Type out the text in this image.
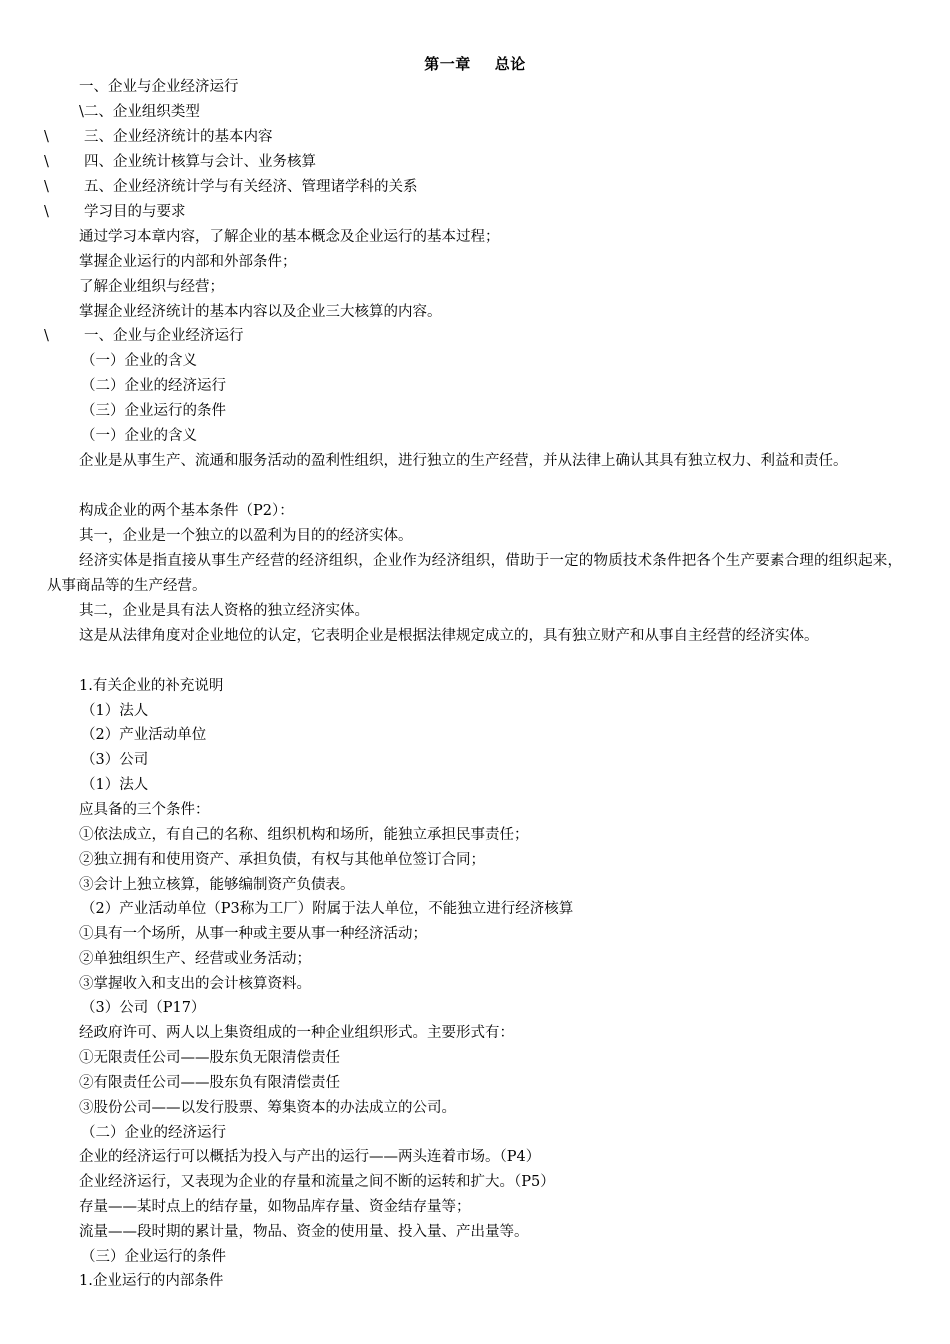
第一章 总论
一、企业与企业经济运行
\二、企业组织类型
\ 三、企业经济统计的基本内容
\ 四、企业统计核算与会计、业务核算
\ 五、企业经济统计学与有关经济、管理诸学科的关系
\ 学习目的与要求
通过学习本章内容，了解企业的基本概念及企业运行的基本过程；
掌握企业运行的内部和外部条件；
了解企业组织与经营；
掌握企业经济统计的基本内容以及企业三大核算的内容。
\ 一、企业与企业经济运行
（一）企业的含义
（二）企业的经济运行
（三）企业运行的条件
（一）企业的含义
企业是从事生产、流通和服务活动的盈利性组织，进行独立的生产经营，并从法律上确认其具有独立权力、利益和责任。
构成企业的两个基本条件（P2）：
其一，企业是一个独立的以盈利为目的的经济实体。
经济实体是指直接从事生产经营的经济组织，企业作为经济组织，借助于一定的物质技术条件把各个生产要素合理的组织起来，从事商品等的生产经营。
其二，企业是具有法人资格的独立经济实体。
这是从法律角度对企业地位的认定，它表明企业是根据法律规定成立的，具有独立财产和从事自主经营的经济实体。
1.有关企业的补充说明
（1）法人
（2）产业活动单位
（3）公司
（1）法人
应具备的三个条件：
①依法成立，有自己的名称、组织机构和场所，能独立承担民事责任；
②独立拥有和使用资产、承担负债，有权与其他单位签订合同；
③会计上独立核算，能够编制资产负债表。
（2）产业活动单位（P3称为工厂）附属于法人单位，不能独立进行经济核算
①具有一个场所，从事一种或主要从事一种经济活动；
②单独组织生产、经营或业务活动；
③掌握收入和支出的会计核算资料。
（3）公司（P17）
经政府许可、两人以上集资组成的一种企业组织形式。主要形式有：
①无限责任公司——股东负无限清偿责任
②有限责任公司——股东负有限清偿责任
③股份公司——以发行股票、筹集资本的办法成立的公司。
（二）企业的经济运行
企业的经济运行可以概括为投入与产出的运行——两头连着市场。（P4）
企业经济运行，又表现为企业的存量和流量之间不断的运转和扩大。（P5）
存量——某时点上的结存量，如物品库存量、资金结存量等；
流量——段时期的累计量，物品、资金的使用量、投入量、产出量等。
（三）企业运行的条件
1.企业运行的内部条件
